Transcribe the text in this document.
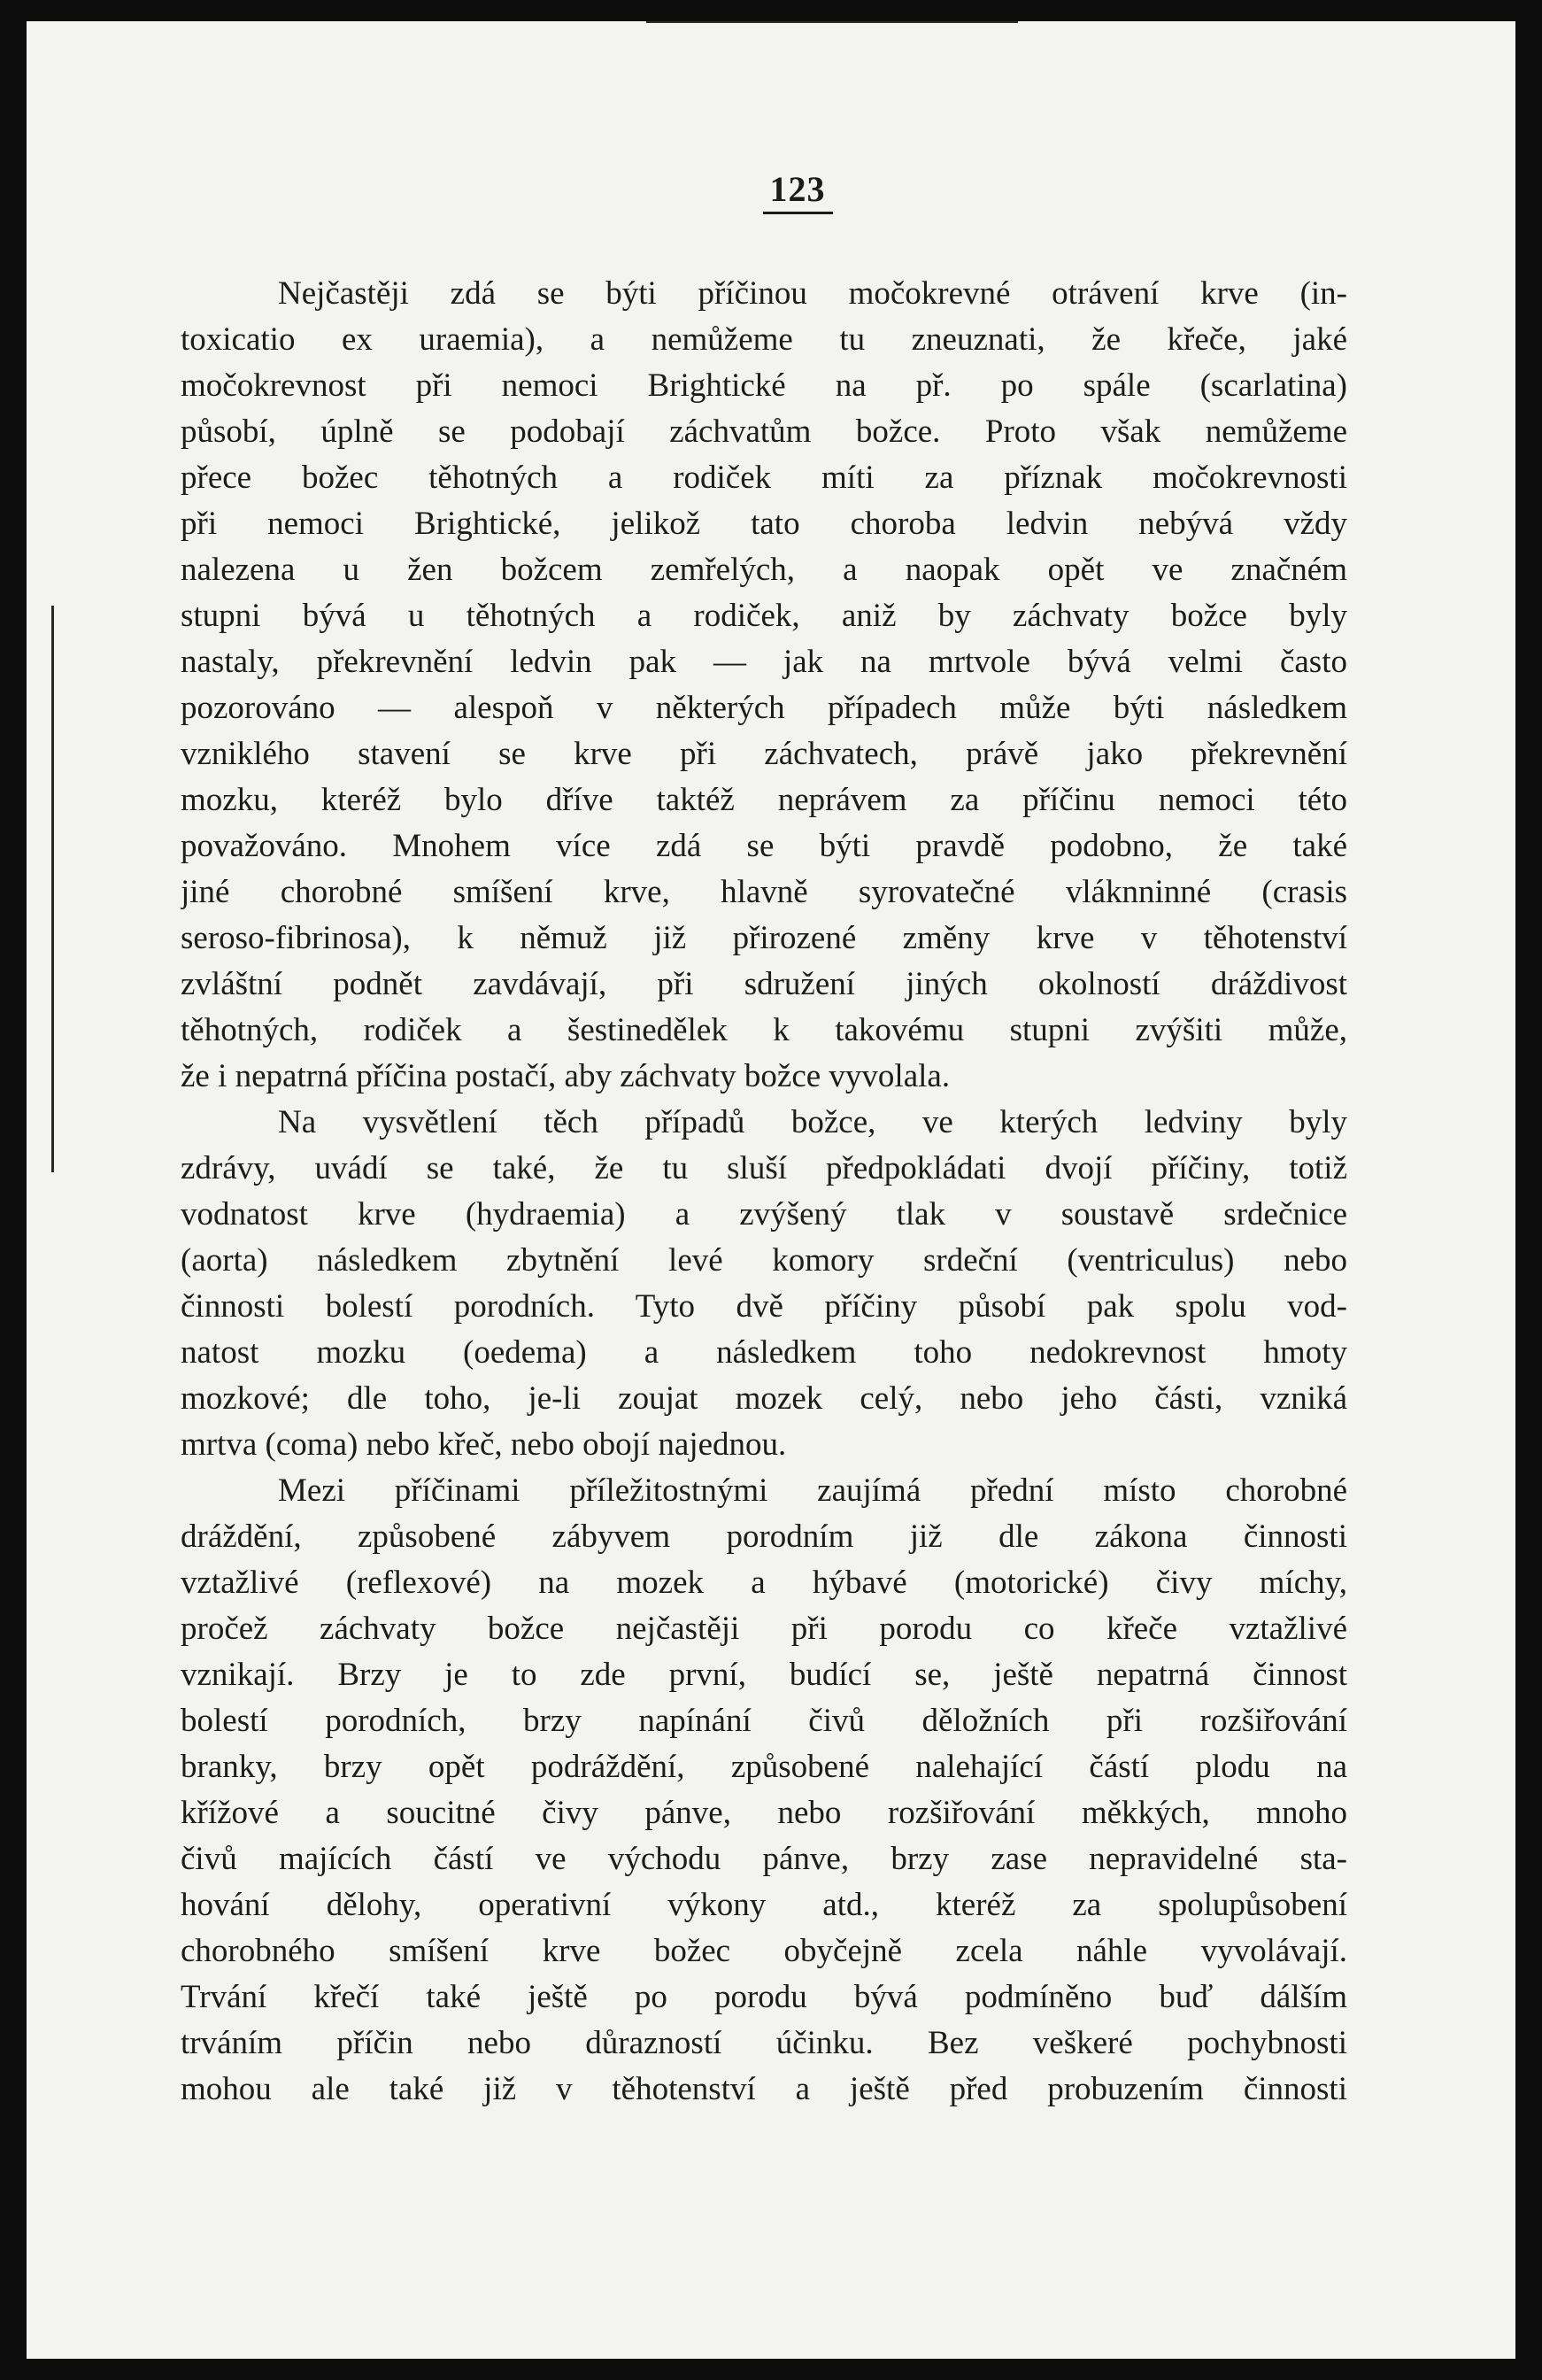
123
Nejčastěji zdá se býti příčinou močokrevné otrávení krve (in-
toxicatio ex uraemia), a nemůžeme tu zneuznati, že křeče, jaké
močokrevnost při nemoci Brightické na př. po spále (scarlatina)
působí, úplně se podobají záchvatům božce. Proto však nemůžeme
přece božec těhotných a rodiček míti za příznak močokrevnosti
při nemoci Brightické, jelikož tato choroba ledvin nebývá vždy
nalezena u žen božcem zemřelých, a naopak opět ve značném
stupni bývá u těhotných a rodiček, aniž by záchvaty božce byly
nastaly, překrevnění ledvin pak — jak na mrtvole bývá velmi často
pozorováno — alespoň v některých případech může býti následkem
vzniklého stavení se krve při záchvatech, právě jako překrevnění
mozku, kteréž bylo dříve taktéž neprávem za příčinu nemoci této
považováno. Mnohem více zdá se býti pravdě podobno, že také
jiné chorobné smíšení krve, hlavně syrovatečné vláknninné (crasis
seroso-fibrinosa), k němuž již přirozené změny krve v těhotenství
zvláštní podnět zavdávají, při sdružení jiných okolností dráždivost
těhotných, rodiček a šestinedělek k takovému stupni zvýšiti může,
že i nepatrná příčina postačí, aby záchvaty božce vyvolala.
Na vysvětlení těch případů božce, ve kterých ledviny byly
zdrávy, uvádí se také, že tu sluší předpokládati dvojí příčiny, totiž
vodnatost krve (hydraemia) a zvýšený tlak v soustavě srdečnice
(aorta) následkem zbytnění levé komory srdeční (ventriculus) nebo
činnosti bolestí porodních. Tyto dvě příčiny působí pak spolu vod-
natost mozku (oedema) a následkem toho nedokrevnost hmoty
mozkové; dle toho, je-li zoujat mozek celý, nebo jeho části, vzniká
mrtva (coma) nebo křeč, nebo obojí najednou.
Mezi příčinami příležitostnými zaujímá přední místo chorobné
dráždění, způsobené zábyvem porodním již dle zákona činnosti
vztažlivé (reflexové) na mozek a hýbavé (motorické) čivy míchy,
pročež záchvaty božce nejčastěji při porodu co křeče vztažlivé
vznikají. Brzy je to zde první, budící se, ještě nepatrná činnost
bolestí porodních, brzy napínání čivů děložních při rozšiřování
branky, brzy opět podráždění, způsobené nalehající částí plodu na
křížové a soucitné čivy pánve, nebo rozšiřování měkkých, mnoho
čivů majících částí ve východu pánve, brzy zase nepravidelné sta-
hování dělohy, operativní výkony atd., kteréž za spolupůsobení
chorobného smíšení krve božec obyčejně zcela náhle vyvolávají.
Trvání křečí také ještě po porodu bývá podmíněno buď dálším
trváním příčin nebo důrazností účinku. Bez veškeré pochybnosti
mohou ale také již v těhotenství a ještě před probuzením činnosti
